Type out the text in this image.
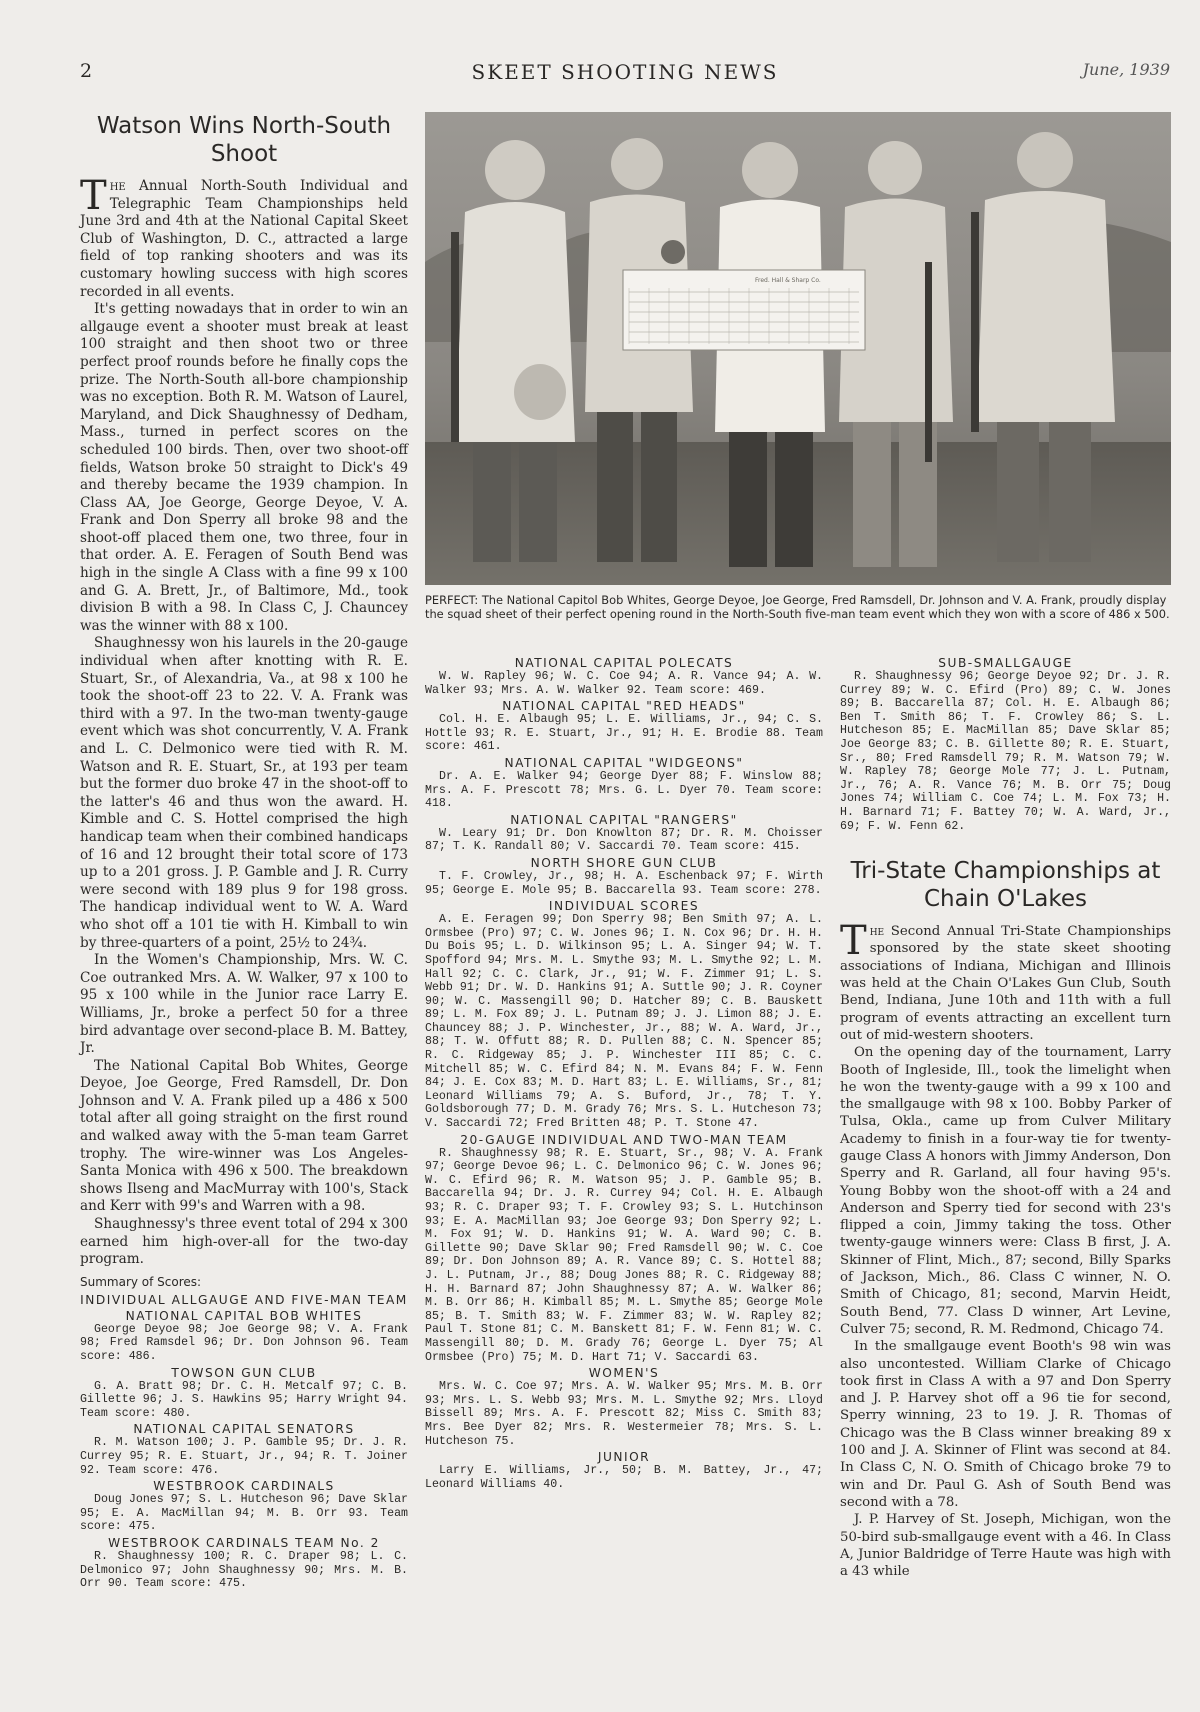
2	SKEET SHOOTING NEWS	June, 1939
Watson Wins North-South Shoot

The Annual North-South Individual and Telegraphic Team Championships held June 3rd and 4th at the National Capital Skeet Club of Washington, D. C., attracted a large field of top ranking shooters and was its customary howling success with high scores recorded in all events.

It's getting nowadays that in order to win an allgauge event a shooter must break at least 100 straight and then shoot two or three perfect proof rounds before he finally cops the prize. The North-South all-bore championship was no exception. Both R. M. Watson of Laurel, Maryland, and Dick Shaughnessy of Dedham, Mass., turned in perfect scores on the scheduled 100 birds. Then, over two shoot-off fields, Watson broke 50 straight to Dick's 49 and thereby became the 1939 champion. In Class AA, Joe George, George Deyoe, V. A. Frank and Don Sperry all broke 98 and the shoot-off placed them one, two three, four in that order. A. E. Feragen of South Bend was high in the single A Class with a fine 99 x 100 and G. A. Brett, Jr., of Baltimore, Md., took division B with a 98. In Class C, J. Chauncey was the winner with 88 x 100.

Shaughnessy won his laurels in the 20-gauge individual when after knotting with R. E. Stuart, Sr., of Alexandria, Va., at 98 x 100 he took the shoot-off 23 to 22. V. A. Frank was third with a 97. In the two-man twenty-gauge event which was shot concurrently, V. A. Frank and L. C. Delmonico were tied with R. M. Watson and R. E. Stuart, Sr., at 193 per team but the former duo broke 47 in the shoot-off to the latter's 46 and thus won the award. H. Kimble and C. S. Hottel comprised the high handicap team when their combined handicaps of 16 and 12 brought their total score of 173 up to a 201 gross. J. P. Gamble and J. R. Curry were second with 189 plus 9 for 198 gross. The handicap individual went to W. A. Ward who shot off a 101 tie with H. Kimball to win by three-quarters of a point, 25½ to 24¾.

In the Women's Championship, Mrs. W. C. Coe outranked Mrs. A. W. Walker, 97 x 100 to 95 x 100 while in the Junior race Larry E. Williams, Jr., broke a perfect 50 for a three bird advantage over second-place B. M. Battey, Jr.

The National Capital Bob Whites, George Deyoe, Joe George, Fred Ramsdell, Dr. Don Johnson and V. A. Frank piled up a 486 x 500 total after all going straight on the first round and walked away with the 5-man team Garret trophy. The wire-winner was Los Angeles-Santa Monica with 496 x 500. The breakdown shows Ilseng and MacMurray with 100's, Stack and Kerr with 99's and Warren with a 98.

Shaughnessy's three event total of 294 x 300 earned him high-over-all for the two-day program.

Summary of Scores:
INDIVIDUAL ALLGAUGE AND FIVE-MAN TEAM
NATIONAL CAPITAL BOB WHITES

George Deyoe 98; Joe George 98; V. A. Frank 98; Fred Ramsdel 96; Dr. Don Johnson 96. Team score: 486.

TOWSON GUN CLUB

G. A. Bratt 98; Dr. C. H. Metcalf 97; C. B. Gillette 96; J. S. Hawkins 95; Harry Wright 94. Team score: 480.

NATIONAL CAPITAL SENATORS

R. M. Watson 100; J. P. Gamble 95; Dr. J. R. Currey 95; R. E. Stuart, Jr., 94; R. T. Joiner 92. Team score: 476.

WESTBROOK CARDINALS

Doug Jones 97; S. L. Hutcheson 96; Dave Sklar 95; E. A. MacMillan 94; M. B. Orr 93. Team score: 475.

WESTBROOK CARDINALS TEAM No. 2

R. Shaughnessy 100; R. C. Draper 98; L. C. Delmonico 97; John Shaughnessy 90; Mrs. M. B. Orr 90. Team score: 475.

Fred. Hall & Sharp Co.
PERFECT: The National Capitol Bob Whites, George Deyoe, Joe George, Fred Ramsdell, Dr. Johnson and V. A. Frank, proudly display the squad sheet of their perfect opening round in the North-South five-man team event which they won with a score of 486 x 500.
NATIONAL CAPITAL POLECATS

W. W. Rapley 96; W. C. Coe 94; A. R. Vance 94; A. W. Walker 93; Mrs. A. W. Walker 92. Team score: 469.

NATIONAL CAPITAL "RED HEADS"

Col. H. E. Albaugh 95; L. E. Williams, Jr., 94; C. S. Hottle 93; R. E. Stuart, Jr., 91; H. E. Brodie 88. Team score: 461.

NATIONAL CAPITAL "WIDGEONS"

Dr. A. E. Walker 94; George Dyer 88; F. Winslow 88; Mrs. A. F. Prescott 78; Mrs. G. L. Dyer 70. Team score: 418.

NATIONAL CAPITAL "RANGERS"

W. Leary 91; Dr. Don Knowlton 87; Dr. R. M. Choisser 87; T. K. Randall 80; V. Saccardi 70. Team score: 415.

NORTH SHORE GUN CLUB

T. F. Crowley, Jr., 98; H. A. Eschenback 97; F. Wirth 95; George E. Mole 95; B. Baccarella 93. Team score: 278.

INDIVIDUAL SCORES

A. E. Feragen 99; Don Sperry 98; Ben Smith 97; A. L. Ormsbee (Pro) 97; C. W. Jones 96; I. N. Cox 96; Dr. H. H. Du Bois 95; L. D. Wilkinson 95; L. A. Singer 94; W. T. Spofford 94; Mrs. M. L. Smythe 93; M. L. Smythe 92; L. M. Hall 92; C. C. Clark, Jr., 91; W. F. Zimmer 91; L. S. Webb 91; Dr. W. D. Hankins 91; A. Suttle 90; J. R. Coyner 90; W. C. Massengill 90; D. Hatcher 89; C. B. Bauskett 89; L. M. Fox 89; J. L. Putnam 89; J. J. Limon 88; J. E. Chauncey 88; J. P. Winchester, Jr., 88; W. A. Ward, Jr., 88; T. W. Offutt 88; R. D. Pullen 88; C. N. Spencer 85; R. C. Ridgeway 85; J. P. Winchester III 85; C. C. Mitchell 85; W. C. Efird 84; N. M. Evans 84; F. W. Fenn 84; J. E. Cox 83; M. D. Hart 83; L. E. Williams, Sr., 81; Leonard Williams 79; A. S. Buford, Jr., 78; T. Y. Goldsborough 77; D. M. Grady 76; Mrs. S. L. Hutcheson 73; V. Saccardi 72; Fred Britten 48; P. T. Stone 47.

20-GAUGE INDIVIDUAL AND TWO-MAN TEAM

R. Shaughnessy 98; R. E. Stuart, Sr., 98; V. A. Frank 97; George Devoe 96; L. C. Delmonico 96; C. W. Jones 96; W. C. Efird 96; R. M. Watson 95; J. P. Gamble 95; B. Baccarella 94; Dr. J. R. Currey 94; Col. H. E. Albaugh 93; R. C. Draper 93; T. F. Crowley 93; S. L. Hutchinson 93; E. A. MacMillan 93; Joe George 93; Don Sperry 92; L. M. Fox 91; W. D. Hankins 91; W. A. Ward 90; C. B. Gillette 90; Dave Sklar 90; Fred Ramsdell 90; W. C. Coe 89; Dr. Don Johnson 89; A. R. Vance 89; C. S. Hottel 88; J. L. Putnam, Jr., 88; Doug Jones 88; R. C. Ridgeway 88; H. H. Barnard 87; John Shaughnessy 87; A. W. Walker 86; M. B. Orr 86; H. Kimball 85; M. L. Smythe 85; George Mole 85; B. T. Smith 83; W. F. Zimmer 83; W. W. Rapley 82; Paul T. Stone 81; C. M. Banskett 81; F. W. Fenn 81; W. C. Massengill 80; D. M. Grady 76; George L. Dyer 75; Al Ormsbee (Pro) 75; M. D. Hart 71; V. Saccardi 63.

WOMEN'S

Mrs. W. C. Coe 97; Mrs. A. W. Walker 95; Mrs. M. B. Orr 93; Mrs. L. S. Webb 93; Mrs. M. L. Smythe 92; Mrs. Lloyd Bissell 89; Mrs. A. F. Prescott 82; Miss C. Smith 83; Mrs. Bee Dyer 82; Mrs. R. Westermeier 78; Mrs. S. L. Hutcheson 75.

JUNIOR

Larry E. Williams, Jr., 50; B. M. Battey, Jr., 47; Leonard Williams 40.

SUB-SMALLGAUGE

R. Shaughnessy 96; George Deyoe 92; Dr. J. R. Currey 89; W. C. Efird (Pro) 89; C. W. Jones 89; B. Baccarella 87; Col. H. E. Albaugh 86; Ben T. Smith 86; T. F. Crowley 86; S. L. Hutcheson 85; E. MacMillan 85; Dave Sklar 85; Joe George 83; C. B. Gillette 80; R. E. Stuart, Sr., 80; Fred Ramsdell 79; R. M. Watson 79; W. W. Rapley 78; George Mole 77; J. L. Putnam, Jr., 76; A. R. Vance 76; M. B. Orr 75; Doug Jones 74; William C. Coe 74; L. M. Fox 73; H. H. Barnard 71; F. Battey 70; W. A. Ward, Jr., 69; F. W. Fenn 62.

Tri-State Championships at Chain O'Lakes

The Second Annual Tri-State Championships sponsored by the state skeet shooting associations of Indiana, Michigan and Illinois was held at the Chain O'Lakes Gun Club, South Bend, Indiana, June 10th and 11th with a full program of events attracting an excellent turn out of mid-western shooters.

On the opening day of the tournament, Larry Booth of Ingleside, Ill., took the limelight when he won the twenty-gauge with a 99 x 100 and the smallgauge with 98 x 100. Bobby Parker of Tulsa, Okla., came up from Culver Military Academy to finish in a four-way tie for twenty-gauge Class A honors with Jimmy Anderson, Don Sperry and R. Garland, all four having 95's. Young Bobby won the shoot-off with a 24 and Anderson and Sperry tied for second with 23's flipped a coin, Jimmy taking the toss. Other twenty-gauge winners were: Class B first, J. A. Skinner of Flint, Mich., 87; second, Billy Sparks of Jackson, Mich., 86. Class C winner, N. O. Smith of Chicago, 81; second, Marvin Heidt, South Bend, 77. Class D winner, Art Levine, Culver 75; second, R. M. Redmond, Chicago 74.

In the smallgauge event Booth's 98 win was also uncontested. William Clarke of Chicago took first in Class A with a 97 and Don Sperry and J. P. Harvey shot off a 96 tie for second, Sperry winning, 23 to 19. J. R. Thomas of Chicago was the B Class winner breaking 89 x 100 and J. A. Skinner of Flint was second at 84. In Class C, N. O. Smith of Chicago broke 79 to win and Dr. Paul G. Ash of South Bend was second with a 78.

J. P. Harvey of St. Joseph, Michigan, won the 50-bird sub-smallgauge event with a 46. In Class A, Junior Baldridge of Terre Haute was high with a 43 while
